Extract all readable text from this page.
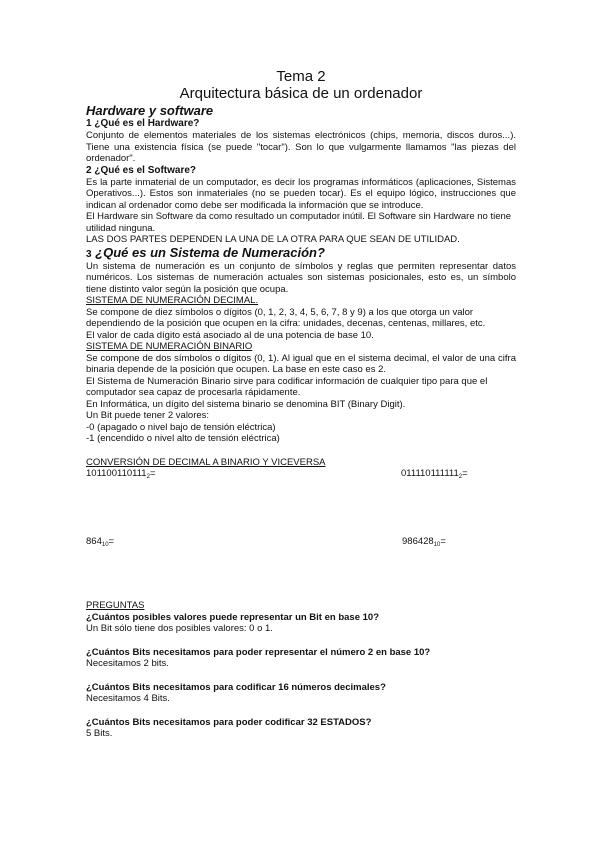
Tema 2
Arquitectura básica de un ordenador
Hardware y software
1 ¿Qué es el Hardware?

Conjunto de elementos materiales de los sistemas electrónicos (chips, memoria, discos duros...). Tiene una existencia física (se puede "tocar"). Son lo que vulgarmente llamamos "las piezas del ordenador".

2 ¿Qué es el Software?

Es la parte inmaterial de un computador, es decir los programas informáticos (aplicaciones, Sistemas Operativos...). Estos son inmateriales (no se pueden tocar). Es el equipo lógico, instrucciones que indican al ordenador como debe ser modificada la información que se introduce.

El Hardware sin Software da como resultado un computador inútil. El Software sin Hardware no tiene utilidad ninguna.

LAS DOS PARTES DEPENDEN LA UNA DE LA OTRA PARA QUE SEAN DE UTILIDAD.

3 ¿Qué es un Sistema de Numeración?

Un sistema de numeración es un conjunto de símbolos y reglas que permiten representar datos numéricos. Los sistemas de numeración actuales son sistemas posicionales, esto es, un símbolo tiene distinto valor según la posición que ocupa.

SISTEMA DE NUMERACIÓN DECIMAL.

Se compone de diez símbolos o dígitos (0, 1, 2, 3, 4, 5, 6, 7, 8 y 9) a los que otorga un valor dependiendo de la posición que ocupen en la cifra: unidades, decenas, centenas, millares, etc.

El valor de cada dígito está asociado al de una potencia de base 10.

SISTEMA DE NUMERACIÓN BINARIO

Se compone de dos símbolos o dígitos (0, 1). Al igual que en el sistema decimal, el valor de una cifra binaria depende de la posición que ocupen. La base en este caso es 2.

El Sistema de Numeración Binario sirve para codificar información de cualquier tipo para que el computador sea capaz de procesarla rápidamente.

En Informática, un dígito del sistema binario se denomina BIT (Binary Digit).

Un Bit puede tener 2 valores:

-0 (apagado o nivel bajo de tensión eléctrica)

-1 (encendido o nivel alto de tensión eléctrica)

CONVERSIÓN DE DECIMAL A BINARIO Y VICEVERSA

$101100110111_2=$	$011110111111_2=$
$864_{10}=$	$986428_{10}=$

PREGUNTAS

¿Cuántos posibles valores puede representar un Bit en base 10?

Un Bit sólo tiene dos posibles valores: 0 o 1.

¿Cuántos Bits necesitamos para poder representar el número 2 en base 10?

Necesitamos 2 bits.

¿Cuántos Bits necesitamos para codificar 16 números decimales?

Necesitamos 4 Bits.

¿Cuántos Bits necesitamos para poder codificar 32 ESTADOS?

5 Bits.
